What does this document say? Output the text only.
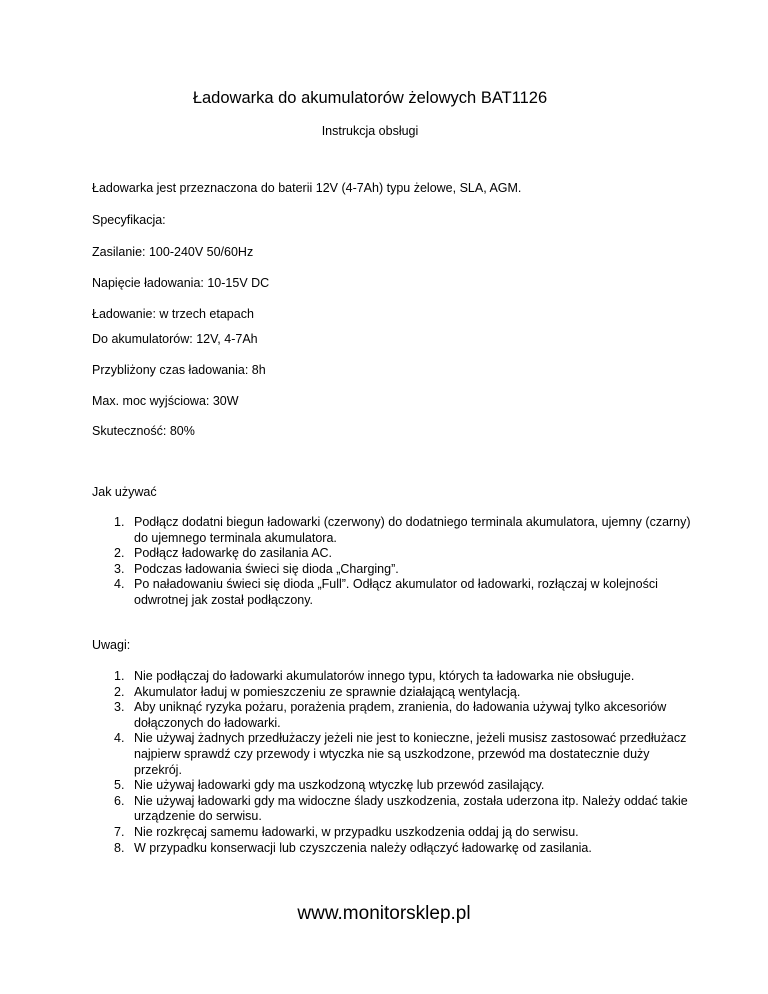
Ładowarka do akumulatorów żelowych BAT1126
Instrukcja obsługi
Ładowarka jest przeznaczona do baterii 12V (4-7Ah) typu żelowe, SLA, AGM.
Specyfikacja:
Zasilanie: 100-240V 50/60Hz
Napięcie ładowania: 10-15V DC
Ładowanie: w trzech etapach
Do akumulatorów: 12V, 4-7Ah
Przybliżony czas ładowania: 8h
Max. moc wyjściowa: 30W
Skuteczność: 80%
Jak używać
1. Podłącz dodatni biegun ładowarki (czerwony) do dodatniego terminala akumulatora, ujemny (czarny) do ujemnego terminala akumulatora.
2. Podłącz ładowarkę do zasilania AC.
3. Podczas ładowania świeci się dioda „Charging”.
4. Po naładowaniu świeci się dioda „Full”. Odłącz akumulator od ładowarki, rozłączaj w kolejności odwrotnej jak został podłączony.
Uwagi:
1. Nie podłączaj do ładowarki akumulatorów innego typu, których ta ładowarka nie obsługuje.
2. Akumulator ładuj w pomieszczeniu ze sprawnie działającą wentylacją.
3. Aby uniknąć ryzyka pożaru, porażenia prądem, zranienia, do ładowania używaj tylko akcesoriów dołączonych do ładowarki.
4. Nie używaj żadnych przedłużaczy jeżeli nie jest to konieczne, jeżeli musisz zastosować przedłużacz najpierw sprawdź czy przewody i wtyczka nie są uszkodzone, przewód ma dostatecznie duży przekrój.
5. Nie używaj ładowarki gdy ma uszkodzoną wtyczkę lub przewód zasilający.
6. Nie używaj ładowarki gdy ma widoczne ślady uszkodzenia, została uderzona itp. Należy oddać takie urządzenie do serwisu.
7. Nie rozkręcaj samemu ładowarki, w przypadku uszkodzenia oddaj ją do serwisu.
8. W przypadku konserwacji lub czyszczenia należy odłączyć ładowarkę od zasilania.
www.monitorsklep.pl
